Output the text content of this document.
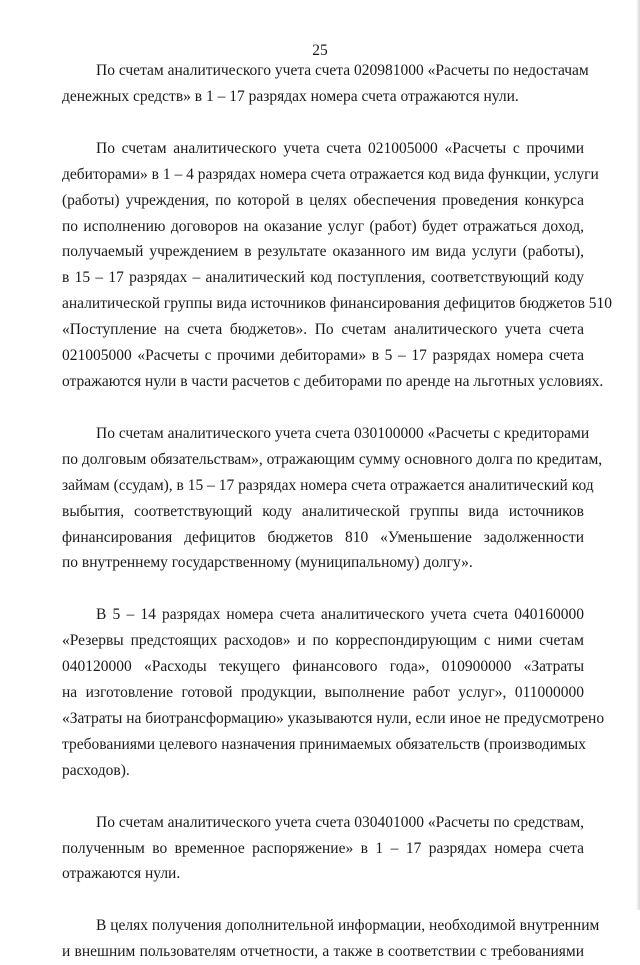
25
По счетам аналитического учета счета 020981000 «Расчеты по недостачам
денежных средств» в 1 – 17 разрядах номера счета отражаются нули.
По счетам аналитического учета счета 021005000 «Расчеты с прочими
дебиторами» в 1 – 4 разрядах номера счета отражается код вида функции, услуги
(работы) учреждения, по которой в целях обеспечения проведения конкурса
по исполнению договоров на оказание услуг (работ) будет отражаться доход,
получаемый учреждением в результате оказанного им вида услуги (работы),
в 15 – 17 разрядах – аналитический код поступления, соответствующий коду
аналитической группы вида источников финансирования дефицитов бюджетов 510
«Поступление на счета бюджетов». По счетам аналитического учета счета
021005000 «Расчеты с прочими дебиторами» в 5 – 17 разрядах номера счета
отражаются нули в части расчетов с дебиторами по аренде на льготных условиях.
По счетам аналитического учета счета 030100000 «Расчеты с кредиторами
по долговым обязательствам», отражающим сумму основного долга по кредитам,
займам (ссудам), в 15 – 17 разрядах номера счета отражается аналитический код
выбытия, соответствующий коду аналитической группы вида источников
финансирования дефицитов бюджетов 810 «Уменьшение задолженности
по внутреннему государственному (муниципальному) долгу».
В 5 – 14 разрядах номера счета аналитического учета счета 040160000
«Резервы предстоящих расходов» и по корреспондирующим с ними счетам
040120000 «Расходы текущего финансового года», 010900000 «Затраты
на изготовление готовой продукции, выполнение работ услуг», 011000000
«Затраты на биотрансформацию» указываются нули, если иное не предусмотрено
требованиями целевого назначения принимаемых обязательств (производимых
расходов).
По счетам аналитического учета счета 030401000 «Расчеты по средствам,
полученным во временное распоряжение» в 1 – 17 разрядах номера счета
отражаются нули.
В целях получения дополнительной информации, необходимой внутренним
и внешним пользователям отчетности, а также в соответствии с требованиями
